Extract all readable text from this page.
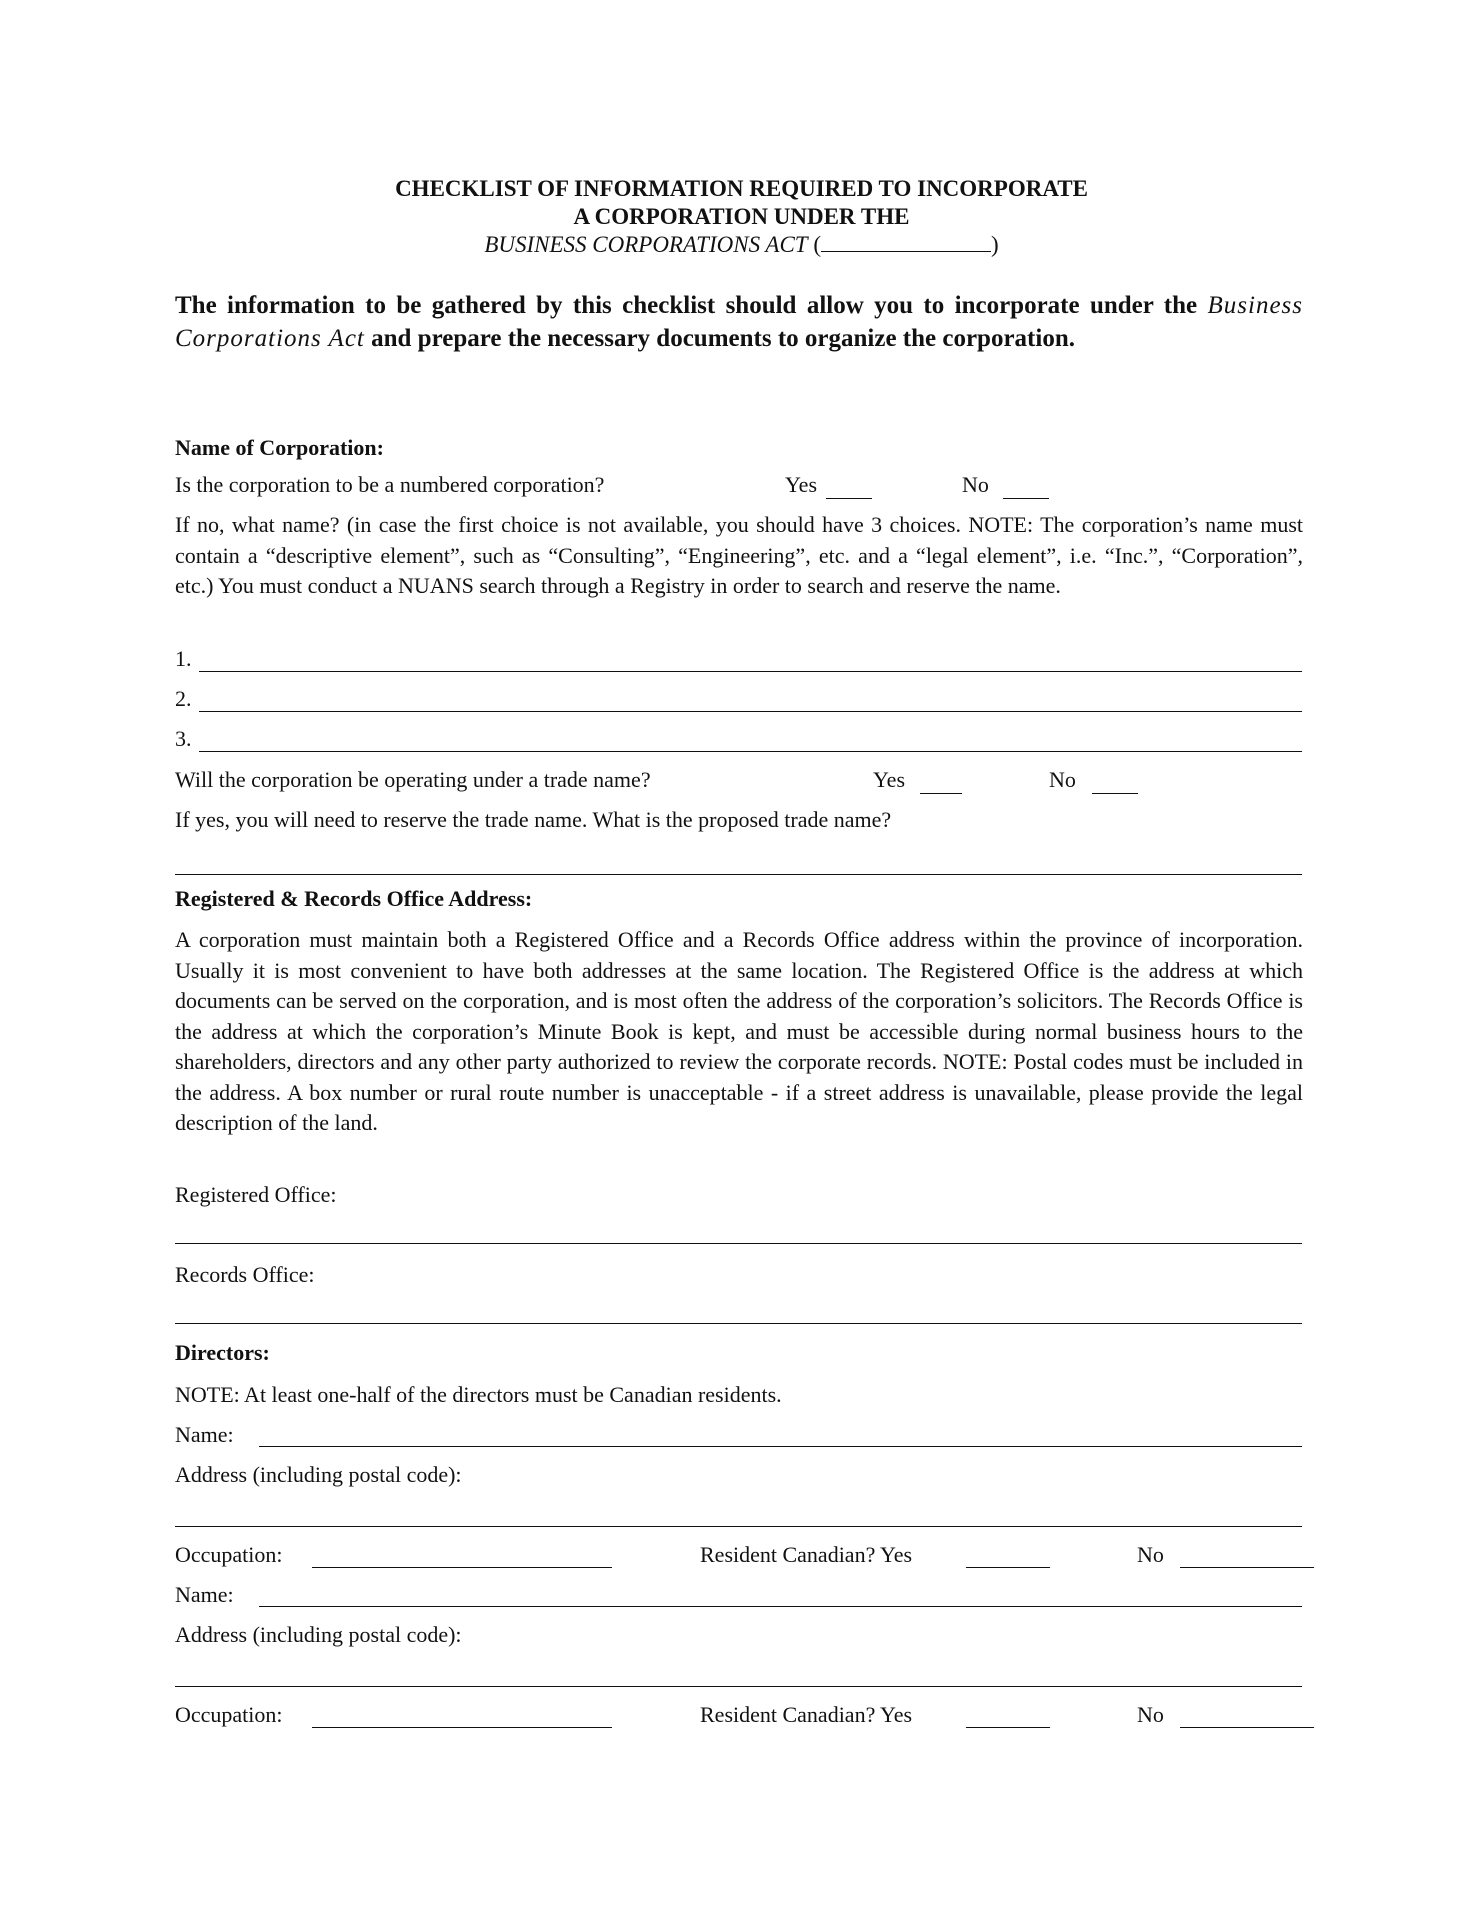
CHECKLIST OF INFORMATION REQUIRED TO INCORPORATE
A CORPORATION UNDER THE
BUSINESS CORPORATIONS ACT (	)
The information to be gathered by this checklist should allow you to incorporate under the Business Corporations Act and prepare the necessary documents to organize the corporation.
Name of Corporation:
Is the corporation to be a numbered corporation?	Yes	No
If no, what name? (in case the first choice is not available, you should have 3 choices. NOTE: The corporation’s name must contain a “descriptive element”, such as “Consulting”, “Engineering”, etc. and a “legal element”, i.e. “Inc.”, “Corporation”, etc.) You must conduct a NUANS search through a Registry in order to search and reserve the name.
1.
2.
3.
Will the corporation be operating under a trade name?	Yes	No
If yes, you will need to reserve the trade name. What is the proposed trade name?
Registered & Records Office Address:
A corporation must maintain both a Registered Office and a Records Office address within the province of incorporation. Usually it is most convenient to have both addresses at the same location. The Registered Office is the address at which documents can be served on the corporation, and is most often the address of the corporation’s solicitors. The Records Office is the address at which the corporation’s Minute Book is kept, and must be accessible during normal business hours to the shareholders, directors and any other party authorized to review the corporate records. NOTE: Postal codes must be included in the address. A box number or rural route number is unacceptable - if a street address is unavailable, please provide the legal description of the land.
Registered Office:
Records Office:
Directors:
NOTE: At least one-half of the directors must be Canadian residents.
Name:
Address (including postal code):
Occupation:	Resident Canadian? Yes	No
Name:
Address (including postal code):
Occupation:	Resident Canadian? Yes	No
